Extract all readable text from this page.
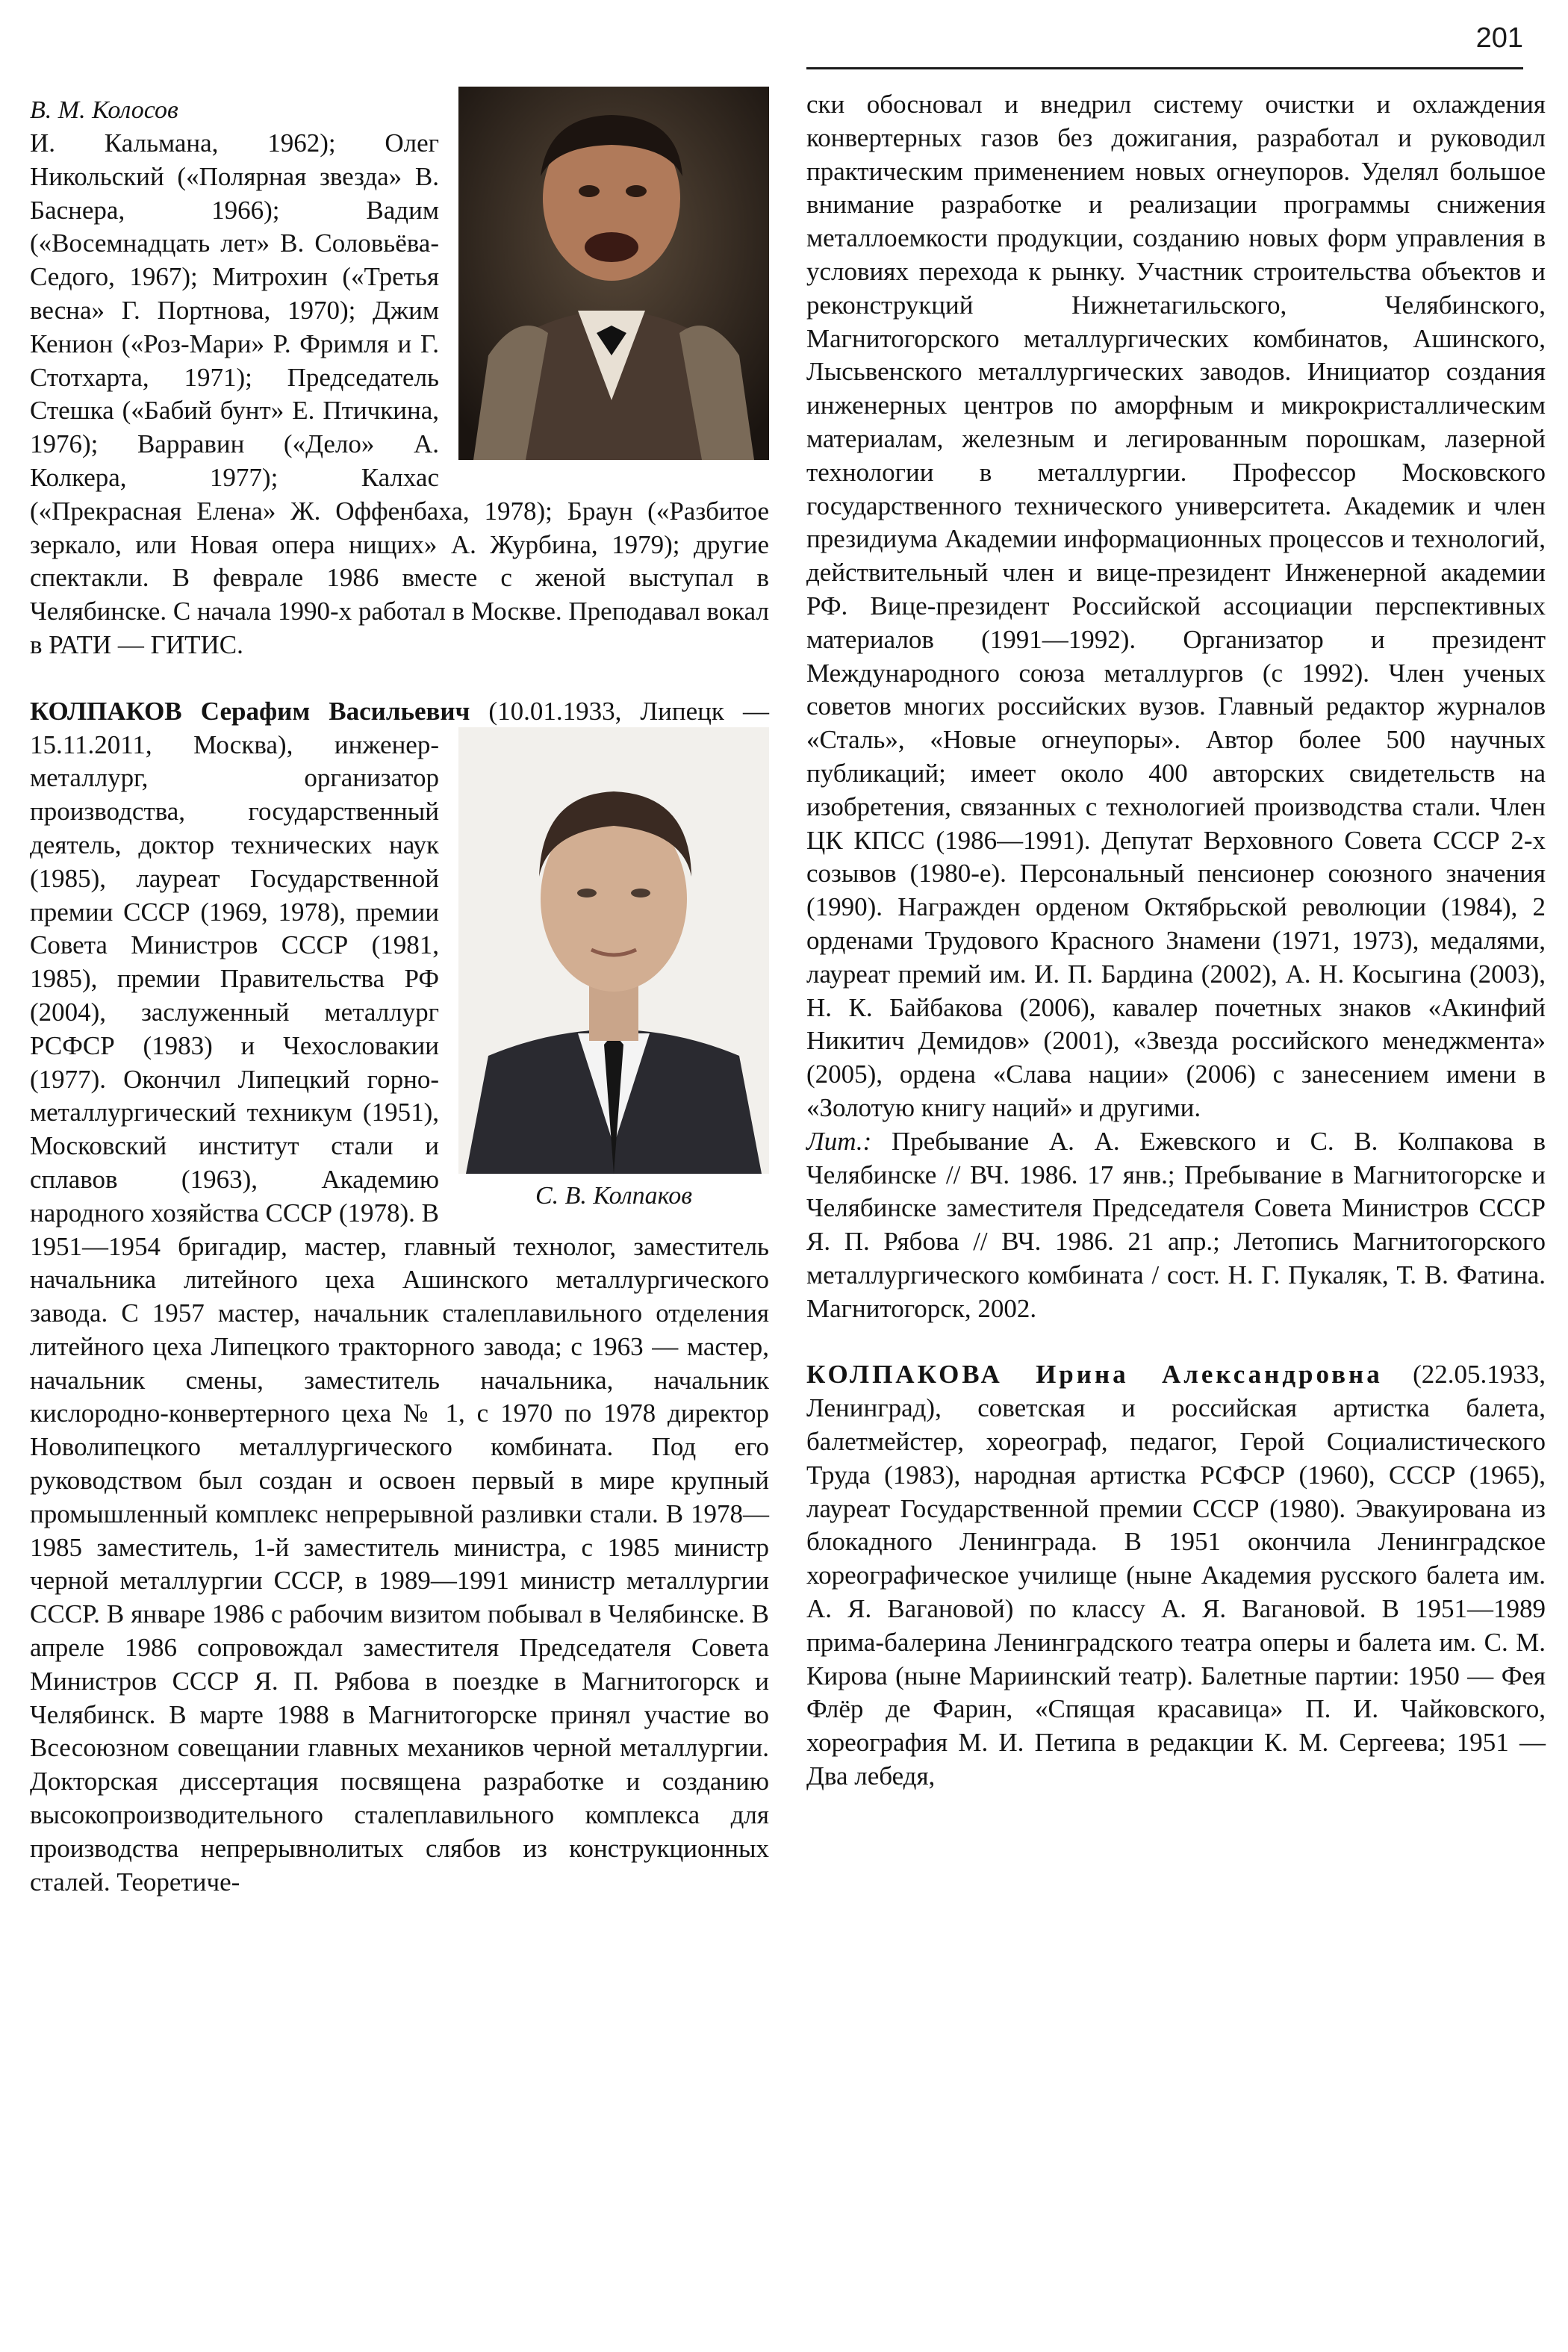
201

В. М. Колосов
И. Кальмана, 1962); Олег Никольский («Полярная звезда» В. Баснера, 1966); Вадим («Восемнадцать лет» В. Соловьёва-Седого, 1967); Митрохин («Третья весна» Г. Портнова, 1970); Джим Кенион («Роз-Мари» Р. Фримля и Г. Стотхарта, 1971); Председатель Стешка («Бабий бунт» Е. Птичкина, 1976); Варравин («Дело» А. Колкера, 1977); Калхас («Прекрасная Елена» Ж. Оффенбаха, 1978); Браун («Разбитое зеркало, или Новая опера нищих» А. Журбина, 1979); другие спектакли. В феврале 1986 вместе с женой выступал в Челябинске. С начала 1990-х работал в Москве. Преподавал вокал в РАТИ — ГИТИС.

КОЛПАКОВ Серафим Васильевич (10.01.1933, Липецк — 15.11.2011, Москва),
С. В. Колпаков
инженер-металлург, организатор производства, государственный деятель, доктор технических наук (1985), лауреат Государственной премии СССР (1969, 1978), премии Совета Министров СССР (1981, 1985), премии Правительства РФ (2004), заслуженный металлург РСФСР (1983) и Чехословакии (1977). Окончил Липецкий горно-металлургический техникум (1951), Московский институт стали и сплавов (1963), Академию народного хозяйства СССР (1978). В 1951—1954 бригадир, мастер, главный технолог, заместитель начальника литейного цеха Ашинского металлургического завода. С 1957 мастер, начальник сталеплавильного отделения литейного цеха Липецкого тракторного завода; с 1963 — мастер, начальник смены, заместитель начальника, начальник кислородно-конвертерного цеха № 1, с 1970 по 1978 директор Новолипецкого металлургического комбината. Под его руководством был создан и освоен первый в мире крупный промышленный комплекс непрерывной разливки стали. В 1978—1985 заместитель, 1-й заместитель министра, с 1985 министр черной металлургии СССР, в 1989—1991 министр металлургии СССР. В январе 1986 с рабочим визитом побывал в Челябинске. В апреле 1986 сопровождал заместителя Председателя Совета Министров СССР Я. П. Рябова в поездке в Магнитогорск и Челябинск. В марте 1988 в Магнитогорске принял участие во Всесоюзном совещании главных механиков черной металлургии. Докторская диссертация посвящена разработке и созданию высокопроизводительного сталеплавильного комплекса для производства непрерывнолитых слябов из конструкционных сталей. Теоретиче-

ски обосновал и внедрил систему очистки и охлаждения конвертерных газов без дожигания, разработал и руководил практическим применением новых огнеупоров. Уделял большое внимание разработке и реализации программы снижения металлоемкости продукции, созданию новых форм управления в условиях перехода к рынку. Участник строительства объектов и реконструкций Нижнетагильского, Челябинского, Магнитогорского металлургических комбинатов, Ашинского, Лысьвенского металлургических заводов. Инициатор создания инженерных центров по аморфным и микрокристаллическим материалам, железным и легированным порошкам, лазерной технологии в металлургии. Профессор Московского государственного технического университета. Академик и член президиума Академии информационных процессов и технологий, действительный член и вице-президент Инженерной академии РФ. Вице-президент Российской ассоциации перспективных материалов (1991—1992). Организатор и президент Международного союза металлургов (с 1992). Член ученых советов многих российских вузов. Главный редактор журналов «Сталь», «Новые огнеупоры». Автор более 500 научных публикаций; имеет около 400 авторских свидетельств на изобретения, связанных с технологией производства стали. Член ЦК КПСС (1986—1991). Депутат Верховного Совета СССР 2-х созывов (1980-е). Персональный пенсионер союзного значения (1990). Награжден орденом Октябрьской революции (1984), 2 орденами Трудового Красного Знамени (1971, 1973), медалями, лауреат премий им. И. П. Бардина (2002), А. Н. Косыгина (2003), Н. К. Байбакова (2006), кавалер почетных знаков «Акинфий Никитич Демидов» (2001), «Звезда российского менеджмента» (2005), ордена «Слава нации» (2006) с занесением имени в «Золотую книгу наций» и другими.

Лит.: Пребывание А. А. Ежевского и С. В. Колпакова в Челябинске // ВЧ. 1986. 17 янв.; Пребывание в Магнитогорске и Челябинске заместителя Председателя Совета Министров СССР Я. П. Рябова // ВЧ. 1986. 21 апр.; Летопись Магнитогорского металлургического комбината / сост. Н. Г. Пукаляк, Т. В. Фатина. Магнитогорск, 2002.

КОЛПАКОВА Ирина Александровна (22.05.1933, Ленинград), советская и российская артистка балета, балетмейстер, хореограф, педагог, Герой Социалистического Труда (1983), народная артистка РСФСР (1960), СССР (1965), лауреат Государственной премии СССР (1980). Эвакуирована из блокадного Ленинграда. В 1951 окончила Ленинградское хореографическое училище (ныне Академия русского балета им. А. Я. Вагановой) по классу А. Я. Вагановой. В 1951—1989 прима-балерина Ленинградского театра оперы и балета им. С. М. Кирова (ныне Мариинский театр). Балетные партии: 1950 — Фея Флёр де Фарин, «Спящая красавица» П. И. Чайковского, хореография М. И. Петипа в редакции К. М. Сергеева; 1951 — Два лебедя,
